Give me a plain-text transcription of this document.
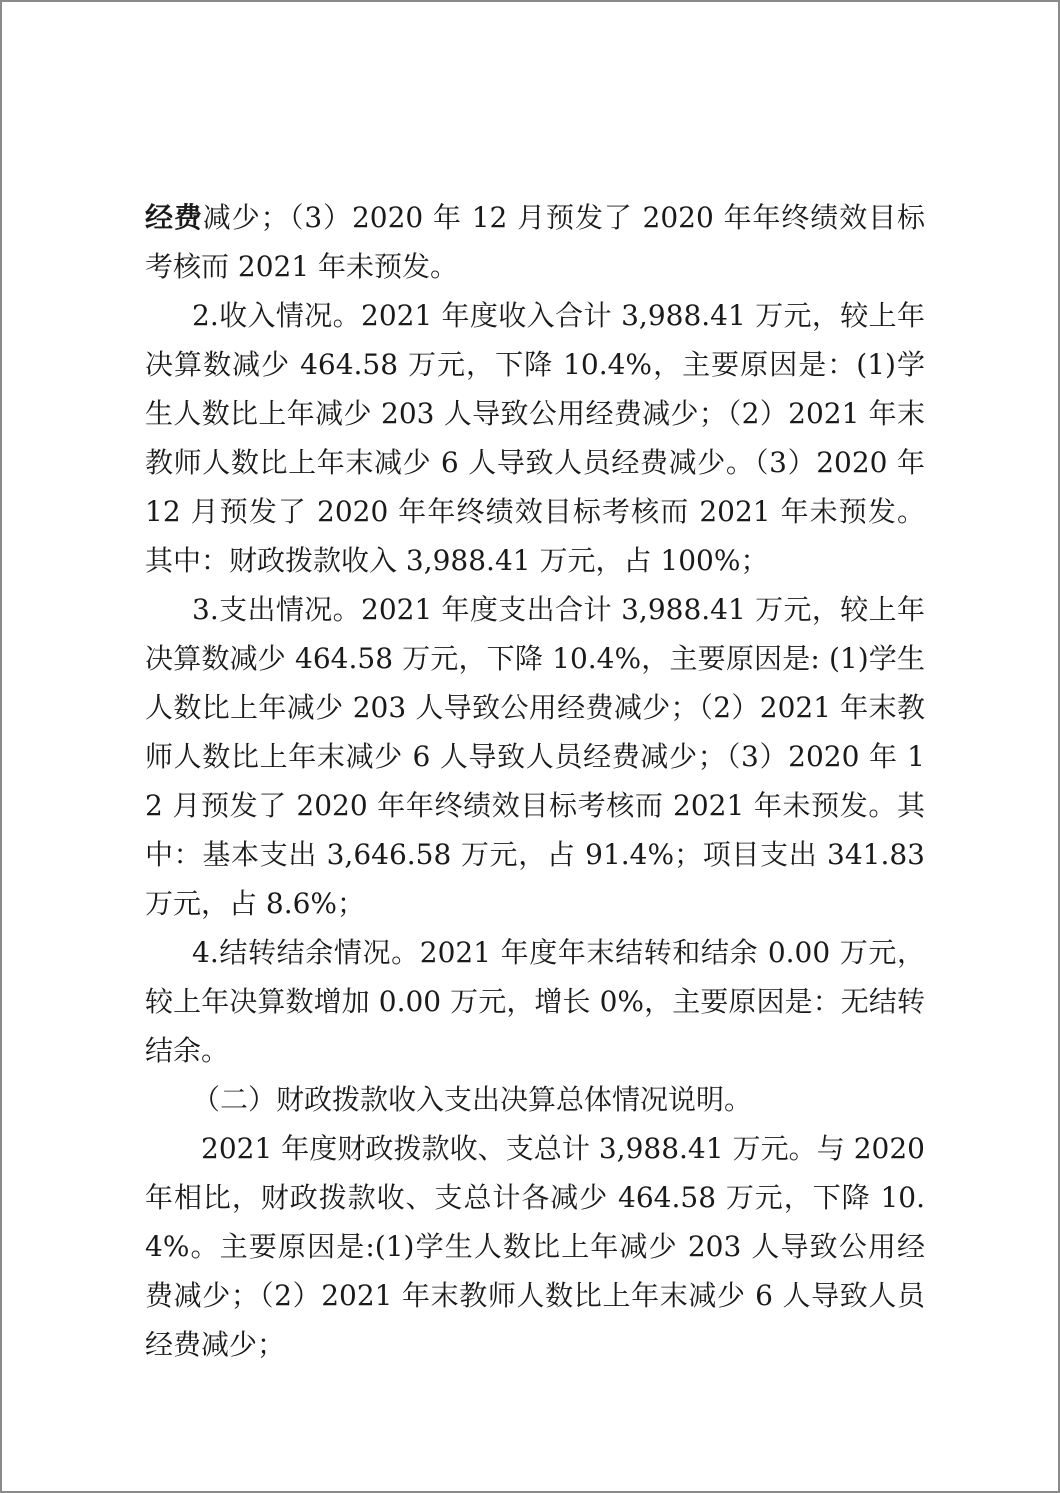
经费减少；（3）2020 年 12 月预发了 2020 年年终绩效目标考核而 2021 年未预发。

2.收入情况。2021 年度收入合计 3,988.41 万元，较上年决算数减少 464.58 万元，下降 10.4%，主要原因是：(1)学生人数比上年减少 203 人导致公用经费减少；（2）2021 年末教师人数比上年末减少 6 人导致人员经费减少。（3）2020 年 12 月预发了 2020 年年终绩效目标考核而 2021 年未预发。其中：财政拨款收入 3,988.41 万元，占 100%；

3.支出情况。2021 年度支出合计 3,988.41 万元，较上年决算数减少 464.58 万元，下降 10.4%，主要原因是: (1)学生人数比上年减少 203 人导致公用经费减少；（2）2021 年末教师人数比上年末减少 6 人导致人员经费减少；（3）2020 年 12 月预发了 2020 年年终绩效目标考核而 2021 年未预发。其中：基本支出 3,646.58 万元，占 91.4%；项目支出 341.83 万元，占 8.6%；

4.结转结余情况。2021 年度年末结转和结余 0.00 万元，较上年决算数增加 0.00 万元，增长 0%，主要原因是：无结转结余。

（二）财政拨款收入支出决算总体情况说明。

2021 年度财政拨款收、支总计 3,988.41 万元。与 2020 年相比，财政拨款收、支总计各减少 464.58 万元，下降 10.4%。主要原因是:(1)学生人数比上年减少 203 人导致公用经费减少；（2）2021 年末教师人数比上年末减少 6 人导致人员经费减少；
